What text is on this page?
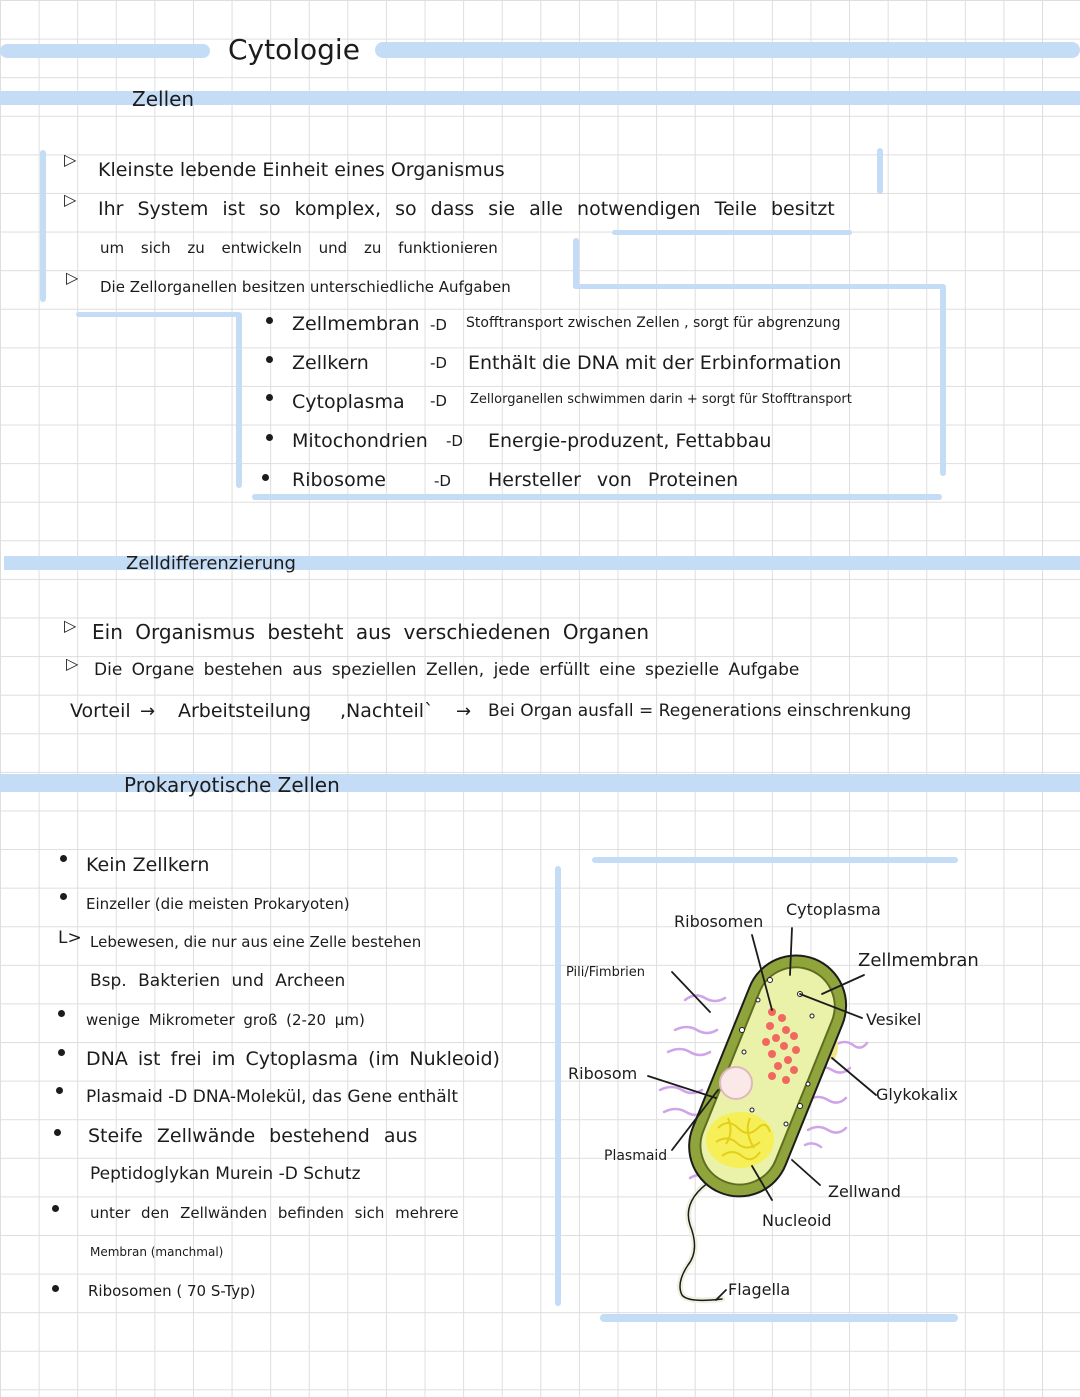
Cytologie
Zellen
▷ Kleinste lebende Einheit eines Organismus
▷ Ihr System ist so komplex, so dass sie alle notwendigen Teile besitzt
um sich zu entwickeln und zu funktionieren
▷ Die Zellorganellen besitzen unterschiedliche Aufgaben
Zellmembran -D Stofftransport zwischen Zellen , sorgt für abgrenzung
Zellkern	-D Enthält die DNA mit der Erbinformation
Cytoplasma -D Zellorganellen schwimmen darin + sorgt für Stofftransport
Mitochondrien -D Energie-produzent, Fettabbau
Ribosome	-D Hersteller von Proteinen
Zelldifferenzierung
▷ Ein Organismus besteht aus verschiedenen Organen
▷ Die Organe bestehen aus speziellen Zellen, jede erfüllt eine spezielle Aufgabe
Vorteil → Arbeitsteilung ,Nachteil` → Bei Organ ausfall = Regenerations einschrenkung
Prokaryotische Zellen
Kein Zellkern
Einzeller (die meisten Prokaryoten)
L> Lebewesen, die nur aus eine Zelle bestehen
Bsp. Bakterien und Archeen
wenige Mikrometer groß (2-20 µm)
DNA ist frei im Cytoplasma (im Nukleoid)
Plasmaid -D DNA-Molekül, das Gene enthält
Steife Zellwände bestehend aus
Peptidoglykan Murein -D Schutz
unter den Zellwänden befinden sich mehrere
Membran (manchmal)
Ribosomen ( 70 S-Typ)
Ribosomen
Cytoplasma
Zellmembran
Pili/Fimbrien
Vesikel
Ribosom
Glykokalix
Plasmaid
Zellwand
Nucleoid
Flagella
